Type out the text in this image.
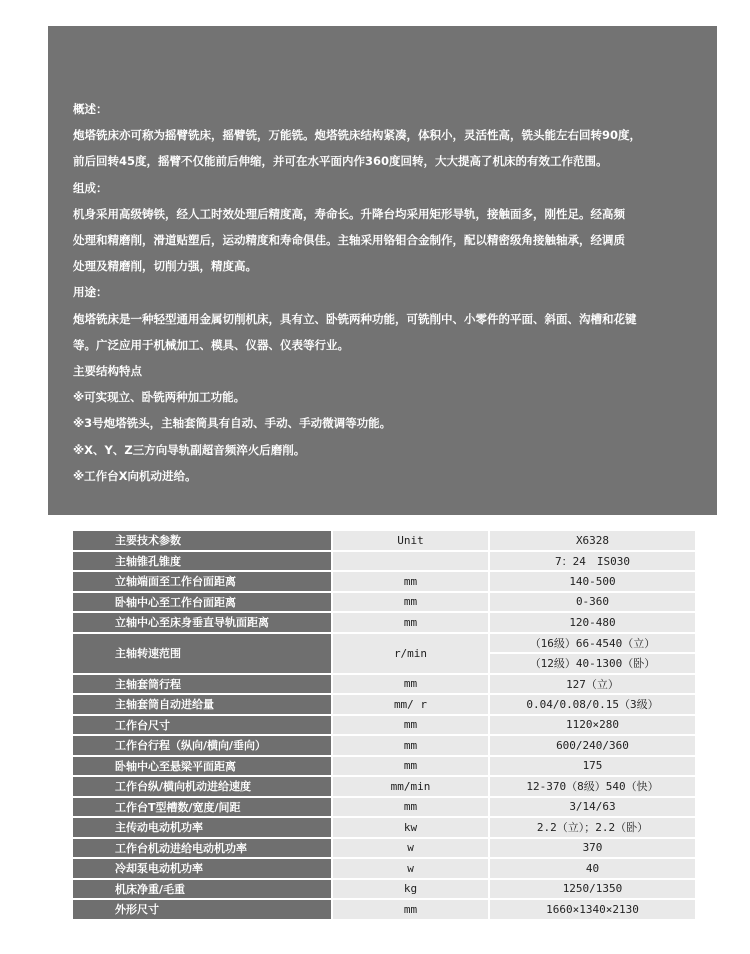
概述：
炮塔铣床亦可称为摇臂铣床，摇臂铣，万能铣。炮塔铣床结构紧凑，体积小，灵活性高，铣头能左右回转90度，
前后回转45度，摇臂不仅能前后伸缩，并可在水平面内作360度回转，大大提高了机床的有效工作范围。
组成：
机身采用高级铸铁，经人工时效处理后精度高，寿命长。升降台均采用矩形导轨，接触面多，刚性足。经高频
处理和精磨削，滑道贴塑后，运动精度和寿命俱佳。主轴采用铬钼合金制作，配以精密级角接触轴承，经调质
处理及精磨削，切削力强，精度高。
用途：
炮塔铣床是一种轻型通用金属切削机床，具有立、卧铣两种功能，可铣削中、小零件的平面、斜面、沟槽和花键
等。广泛应用于机械加工、模具、仪器、仪表等行业。
主要结构特点
※可实现立、卧铣两种加工功能。
※3号炮塔铣头，主轴套筒具有自动、手动、手动微调等功能。
※X、Y、Z三方向导轨副超音频淬火后磨削。
※工作台X向机动进给。
主要技术参数	Unit	X6328
主轴锥孔锥度		7：24　IS030
立轴端面至工作台面距离	mm	140-500
卧轴中心至工作台面距离	mm	0-360
立轴中心至床身垂直导轨面距离	mm	120-480
主轴转速范围	r/min	（16级）66-4540（立）
		（12级）40-1300（卧）
主轴套筒行程	mm	127（立）
主轴套筒自动进给量	mm/ r	0.04/0.08/0.15（3级）
工作台尺寸	mm	1120×280
工作台行程（纵向/横向/垂向）	mm	600/240/360
卧轴中心至悬梁平面距离	mm	175
工作台纵/横向机动进给速度	mm/min	12-370（8级）540（快）
工作台T型槽数/宽度/间距	mm	3/14/63
主传动电动机功率	kw	2.2（立）；2.2（卧）
工作台机动进给电动机功率	w	370
冷却泵电动机功率	w	40
机床净重/毛重	kg	1250/1350
外形尺寸	mm	1660×1340×2130
